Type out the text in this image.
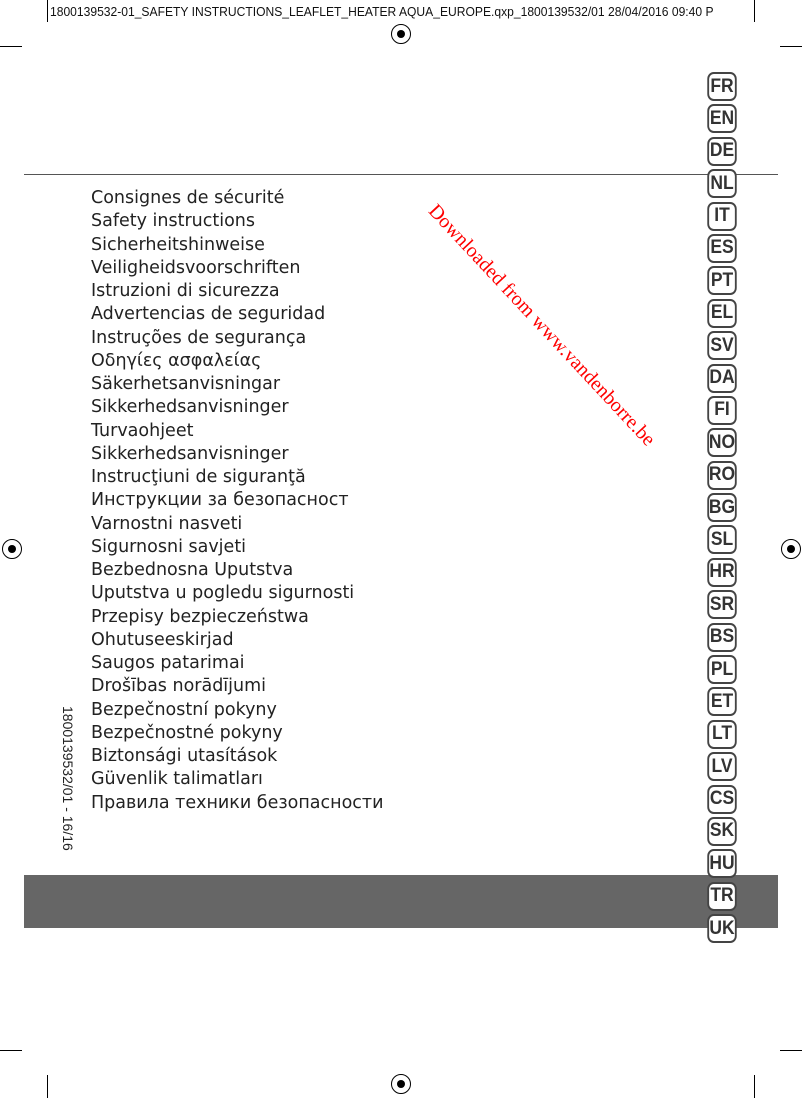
1800139532-01_SAFETY INSTRUCTIONS_LEAFLET_HEATER AQUA_EUROPE.qxp_1800139532/01 28/04/2016 09:40 P
Consignes de sécurité
Safety instructions
Sicherheitshinweise
Veiligheidsvoorschriften
Istruzioni di sicurezza
Advertencias de seguridad
Instruções de segurança
Οδηγίες ασφαλείας
Säkerhetsanvisningar
Sikkerhedsanvisninger
Turvaohjeet
Sikkerhedsanvisninger
Instrucţiuni de siguranţă
Инструкции за безопасност
Varnostni nasveti
Sigurnosni savjeti
Bezbednosna Uputstva
Uputstva u pogledu sigurnosti
Przepisy bezpieczeństwa
Ohutuseeskirjad
Saugos patarimai
Drošības norādījumi
Bezpečnostní pokyny
Bezpečnostné pokyny
Biztonsági utasítások
Güvenlik talimatları
Правила техники безопасности
FR
EN
DE
NL
IT
ES
PT
EL
SV
DA
FI
NO
RO
BG
SL
HR
SR
BS
PL
ET
LT
LV
CS
SK
HU
TR
UK
1800139532/01 - 16/16
Downloaded from www.vandenborre.be
